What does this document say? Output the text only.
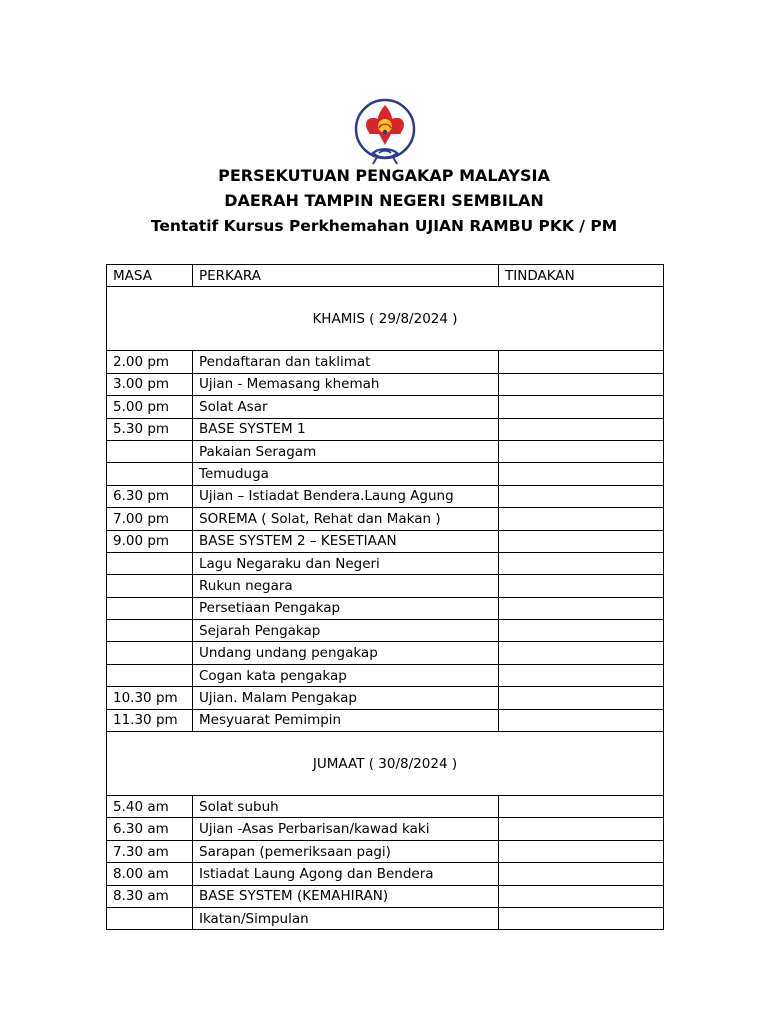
PERSEKUTUAN PENGAKAP MALAYSIA
DAERAH TAMPIN NEGERI SEMBILAN
Tentatif Kursus Perkhemahan UJIAN RAMBU PKK / PM
MASA	PERKARA	TINDAKAN
KHAMIS ( 29/8/2024 )		
2.00 pm	Pendaftaran dan taklimat	
3.00 pm	Ujian - Memasang khemah	
5.00 pm	Solat Asar	
5.30 pm	BASE SYSTEM 1	
	Pakaian Seragam	
	Temuduga	
6.30 pm	Ujian – Istiadat Bendera.Laung Agung	
7.00 pm	SOREMA ( Solat, Rehat dan Makan )	
9.00 pm	BASE SYSTEM 2 – KESETIAAN	
	Lagu Negaraku dan Negeri	
	Rukun negara	
	Persetiaan Pengakap	
	Sejarah Pengakap	
	Undang undang pengakap	
	Cogan kata pengakap	
10.30 pm	Ujian. Malam Pengakap	
11.30 pm	Mesyuarat Pemimpin	
JUMAAT ( 30/8/2024 )		
5.40 am	Solat subuh	
6.30 am	Ujian -Asas Perbarisan/kawad kaki	
7.30 am	Sarapan (pemeriksaan pagi)	
8.00 am	Istiadat Laung Agong dan Bendera	
8.30 am	BASE SYSTEM (KEMAHIRAN)	
	Ikatan/Simpulan	
